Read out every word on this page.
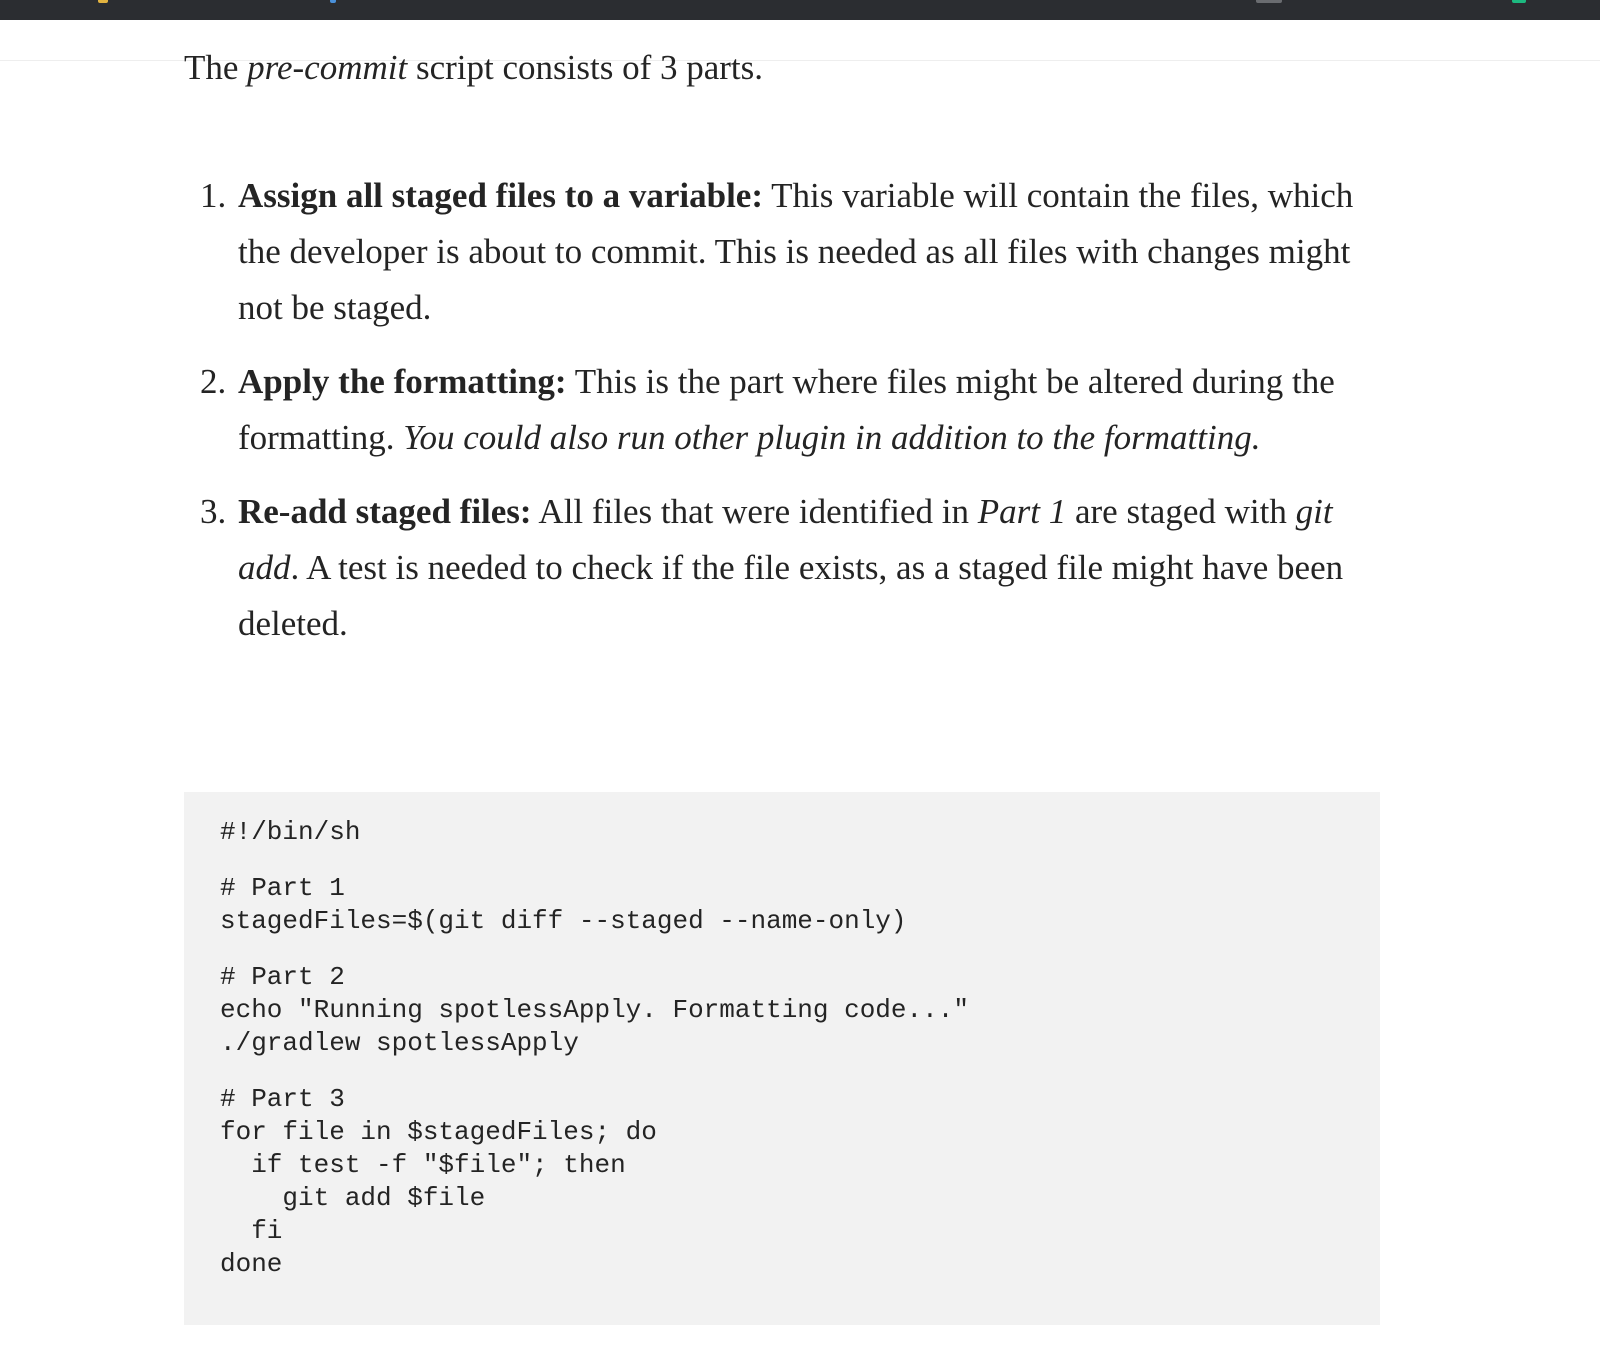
The pre-commit script consists of 3 parts.

1. Assign all staged files to a variable: This variable will contain the files, which the developer is about to commit. This is needed as all files with changes might not be staged.
2. Apply the formatting: This is the part where files might be altered during the formatting. You could also run other plugin in addition to the formatting.
3. Re-add staged files: All files that were identified in Part 1 are staged with git add. A test is needed to check if the file exists, as a staged file might have been deleted.
#!/bin/sh
# Part 1
stagedFiles=$(git diff --staged --name-only)
# Part 2
echo "Running spotlessApply. Formatting code..."
./gradlew spotlessApply
# Part 3
for file in $stagedFiles; do
if test -f "$file"; then
git add $file
fi
done
